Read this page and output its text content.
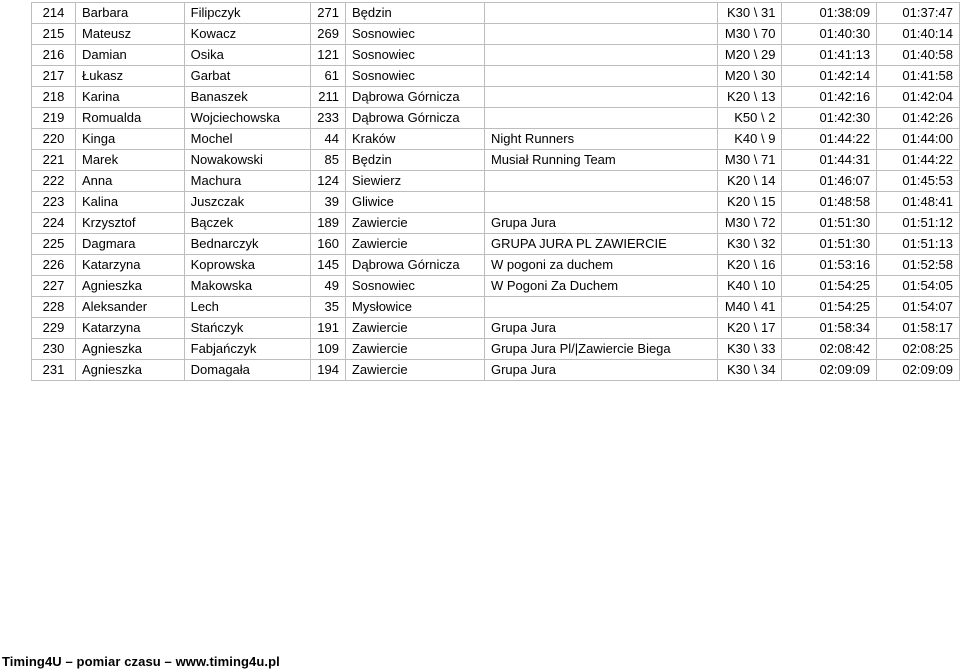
214	Barbara	Filipczyk	271	Będzin		K30 \ 31	01:38:09	01:37:47
215	Mateusz	Kowacz	269	Sosnowiec		M30 \ 70	01:40:30	01:40:14
216	Damian	Osika	121	Sosnowiec		M20 \ 29	01:41:13	01:40:58
217	Łukasz	Garbat	61	Sosnowiec		M20 \ 30	01:42:14	01:41:58
218	Karina	Banaszek	211	Dąbrowa Górnicza		K20 \ 13	01:42:16	01:42:04
219	Romualda	Wojciechowska	233	Dąbrowa Górnicza		K50 \ 2	01:42:30	01:42:26
220	Kinga	Mochel	44	Kraków	Night Runners	K40 \ 9	01:44:22	01:44:00
221	Marek	Nowakowski	85	Będzin	Musiał Running Team	M30 \ 71	01:44:31	01:44:22
222	Anna	Machura	124	Siewierz		K20 \ 14	01:46:07	01:45:53
223	Kalina	Juszczak	39	Gliwice		K20 \ 15	01:48:58	01:48:41
224	Krzysztof	Bączek	189	Zawiercie	Grupa Jura	M30 \ 72	01:51:30	01:51:12
225	Dagmara	Bednarczyk	160	Zawiercie	GRUPA JURA PL ZAWIERCIE	K30 \ 32	01:51:30	01:51:13
226	Katarzyna	Koprowska	145	Dąbrowa Górnicza	W pogoni za duchem	K20 \ 16	01:53:16	01:52:58
227	Agnieszka	Makowska	49	Sosnowiec	W Pogoni Za Duchem	K40 \ 10	01:54:25	01:54:05
228	Aleksander	Lech	35	Mysłowice		M40 \ 41	01:54:25	01:54:07
229	Katarzyna	Stańczyk	191	Zawiercie	Grupa Jura	K20 \ 17	01:58:34	01:58:17
230	Agnieszka	Fabjańczyk	109	Zawiercie	Grupa Jura Pl/|Zawiercie Biega	K30 \ 33	02:08:42	02:08:25
231	Agnieszka	Domagała	194	Zawiercie	Grupa Jura	K30 \ 34	02:09:09	02:09:09
Timing4U – pomiar czasu – www.timing4u.pl
